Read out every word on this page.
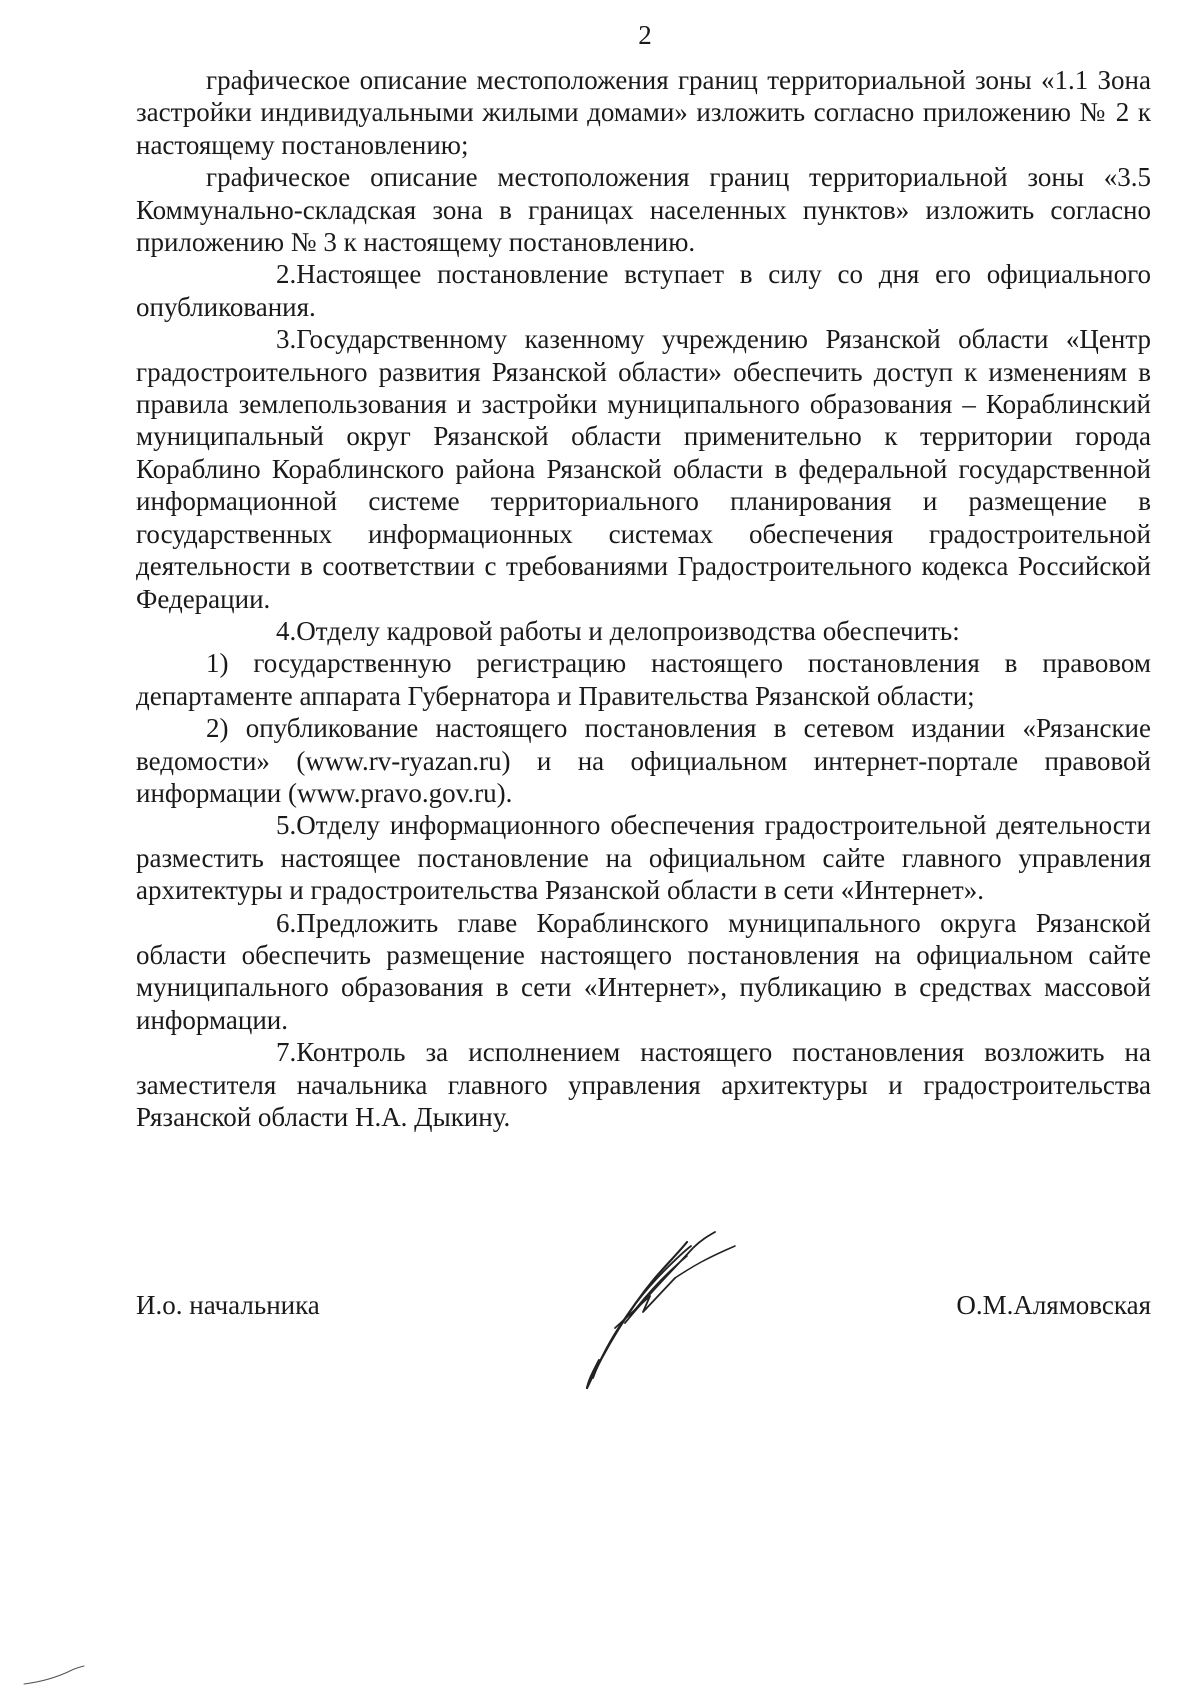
2

графическое описание местоположения границ территориальной зоны «1.1 Зона застройки индивидуальными жилыми домами» изложить согласно приложению № 2 к настоящему постановлению;

графическое описание местоположения границ территориальной зоны «3.5 Коммунально-складская зона в границах населенных пунктов» изложить согласно приложению № 3 к настоящему постановлению.

2.Настоящее постановление вступает в силу со дня его официального опубликования.

3.Государственному казенному учреждению Рязанской области «Центр градостроительного развития Рязанской области» обеспечить доступ к изменениям в правила землепользования и застройки муниципального образования – Кораблинский муниципальный округ Рязанской области применительно к территории города Кораблино Кораблинского района Рязанской области в федеральной государственной информационной системе территориального планирования и размещение в государственных информационных системах обеспечения градостроительной деятельности в соответствии с требованиями Градостроительного кодекса Российской Федерации.

4.Отделу кадровой работы и делопроизводства обеспечить:

1) государственную регистрацию настоящего постановления в правовом департаменте аппарата Губернатора и Правительства Рязанской области;

2) опубликование настоящего постановления в сетевом издании «Рязанские ведомости» (www.rv-ryazan.ru) и на официальном интернет-портале правовой информации (www.pravo.gov.ru).

5.Отделу информационного обеспечения градостроительной деятельности разместить настоящее постановление на официальном сайте главного управления архитектуры и градостроительства Рязанской области в сети «Интернет».

6.Предложить главе Кораблинского муниципального округа Рязанской области обеспечить размещение настоящего постановления на официальном сайте муниципального образования в сети «Интернет», публикацию в средствах массовой информации.

7.Контроль за исполнением настоящего постановления возложить на заместителя начальника главного управления архитектуры и градостроительства Рязанской области Н.А. Дыкину.

И.о. начальника	О.М.Алямовская
